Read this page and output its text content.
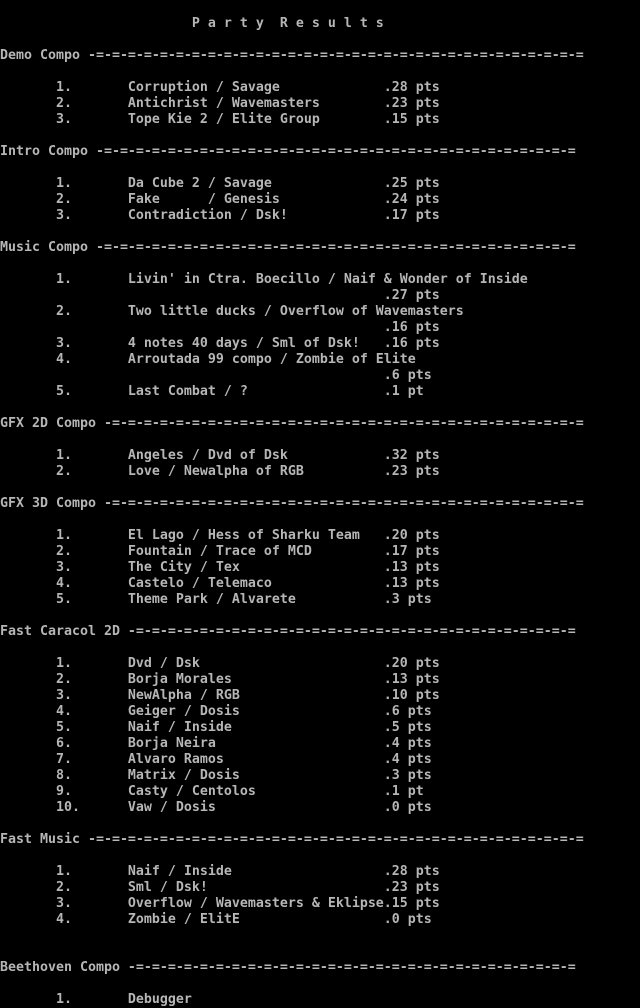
P a r t y  R e s u l t s
Demo Compo -=-=-=-=-=-=-=-=-=-=-=-=-=-=-=-=-=-=-=-=-=-=-=-=-=-=-=-=-=-=-=
1.       Corruption / Savage             .28 pts
2.       Antichrist / Wavemasters        .23 pts
3.       Tope Kie 2 / Elite Group        .15 pts
Intro Compo -=-=-=-=-=-=-=-=-=-=-=-=-=-=-=-=-=-=-=-=-=-=-=-=-=-=-=-=-=-=
1.       Da Cube 2 / Savage              .25 pts
2.       Fake      / Genesis             .24 pts
3.       Contradiction / Dsk!            .17 pts
Music Compo -=-=-=-=-=-=-=-=-=-=-=-=-=-=-=-=-=-=-=-=-=-=-=-=-=-=-=-=-=-=
1.       Livin' in Ctra. Boecillo / Naif & Wonder of Inside
.27 pts
2.       Two little ducks / Overflow of Wavemasters
.16 pts
3.       4 notes 40 days / Sml of Dsk!   .16 pts
4.       Arroutada 99 compo / Zombie of Elite
.6 pts
5.       Last Combat / ?                 .1 pt
GFX 2D Compo -=-=-=-=-=-=-=-=-=-=-=-=-=-=-=-=-=-=-=-=-=-=-=-=-=-=-=-=-=-=
1.       Angeles / Dvd of Dsk            .32 pts
2.       Love / Newalpha of RGB          .23 pts
GFX 3D Compo -=-=-=-=-=-=-=-=-=-=-=-=-=-=-=-=-=-=-=-=-=-=-=-=-=-=-=-=-=-=
1.       El Lago / Hess of Sharku Team   .20 pts
2.       Fountain / Trace of MCD         .17 pts
3.       The City / Tex                  .13 pts
4.       Castelo / Telemaco              .13 pts
5.       Theme Park / Alvarete           .3 pts
Fast Caracol 2D -=-=-=-=-=-=-=-=-=-=-=-=-=-=-=-=-=-=-=-=-=-=-=-=-=-=-=-=
1.       Dvd / Dsk                       .20 pts
2.       Borja Morales                   .13 pts
3.       NewAlpha / RGB                  .10 pts
4.       Geiger / Dosis                  .6 pts
5.       Naif / Inside                   .5 pts
6.       Borja Neira                     .4 pts
7.       Alvaro Ramos                    .4 pts
8.       Matrix / Dosis                  .3 pts
9.       Casty / Centolos                .1 pt
10.      Vaw / Dosis                     .0 pts
Fast Music -=-=-=-=-=-=-=-=-=-=-=-=-=-=-=-=-=-=-=-=-=-=-=-=-=-=-=-=-=-=-=
1.       Naif / Inside                   .28 pts
2.       Sml / Dsk!                      .23 pts
3.       Overflow / Wavemasters & Eklipse.15 pts
4.       Zombie / ElitE                  .0 pts
Beethoven Compo -=-=-=-=-=-=-=-=-=-=-=-=-=-=-=-=-=-=-=-=-=-=-=-=-=-=-=-=
1.       Debugger
